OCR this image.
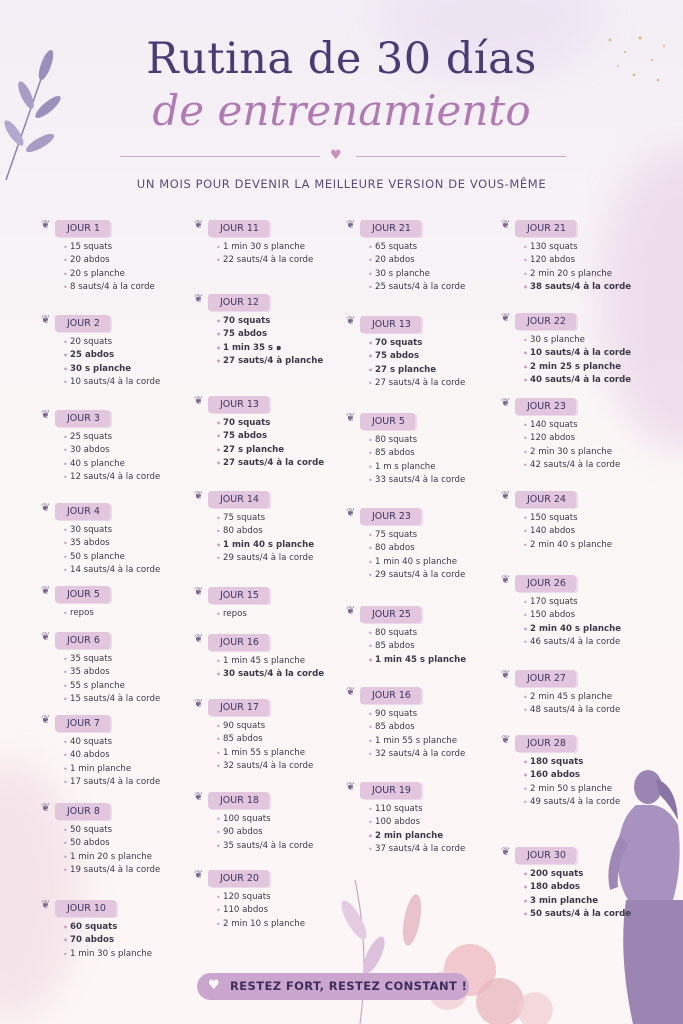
Rutina de 30 días
de entrenamiento
♥
UN MOIS POUR DEVENIR LA MEILLEURE VERSION DE VOUS-MÊME
❦ JOUR 1
• 15 squats
• 20 abdos
• 20 s planche
• 8 sauts/4 à la corde
❦ JOUR 2
• 20 squats
• 25 abdos
• 30 s planche
• 10 sauts/4 à la corde
❦ JOUR 3
• 25 squats
• 30 abdos
• 40 s planche
• 12 sauts/4 à la corde
❦ JOUR 4
• 30 squats
• 35 abdos
• 50 s planche
• 14 sauts/4 à la corde
❦ JOUR 5
• repos
❦ JOUR 6
• 35 squats
• 35 abdos
• 55 s planche
• 15 sauts/4 à la corde
❦ JOUR 7
• 40 squats
• 40 abdos
• 1 min planche
• 17 sauts/4 à la corde
❦ JOUR 8
• 50 squats
• 50 abdos
• 1 min 20 s planche
• 19 sauts/4 à la corde
❦ JOUR 10
• 60 squats
• 70 abdos
• 1 min 30 s planche
❦ JOUR 11
• 1 min 30 s planche
• 22 sauts/4 à la corde
❦ JOUR 12
• 70 squats
• 75 abdos
• 1 min 35 s ๑
• 27 sauts/4 à planche
❦ JOUR 13
• 70 squats
• 75 abdos
• 27 s planche
• 27 sauts/4 à la corde
❦ JOUR 14
• 75 squats
• 80 abdos
• 1 min 40 s planche
• 29 sauts/4 à la corde
❦ JOUR 15
• repos
❦ JOUR 16
• 1 min 45 s planche
• 30 sauts/4 à la corde
❦ JOUR 17
• 90 squats
• 85 abdos
• 1 min 55 s planche
• 32 sauts/4 à la corde
❦ JOUR 18
• 100 squats
• 90 abdos
• 35 sauts/4 à la corde
❦ JOUR 20
• 120 squats
• 110 abdos
• 2 min 10 s planche
❦ JOUR 21
• 65 squats
• 20 abdos
• 30 s planche
• 25 sauts/4 à la corde
❦ JOUR 13
• 70 squats
• 75 abdos
• 27 s planche
• 27 sauts/4 à la corde
❦ JOUR 5
• 80 squats
• 85 abdos
• 1 m s planche
• 33 sauts/4 à la corde
❦ JOUR 23
• 75 squats
• 80 abdos
• 1 min 40 s planche
• 29 sauts/4 à la corde
❦ JOUR 25
• 80 squats
• 85 abdos
• 1 min 45 s planche
❦ JOUR 16
• 90 squats
• 85 abdos
• 1 min 55 s planche
• 32 sauts/4 à la corde
❦ JOUR 19
• 110 squats
• 100 abdos
• 2 min planche
• 37 sauts/4 à la corde
❦ JOUR 21
• 130 squats
• 120 abdos
• 2 min 20 s planche
• 38 sauts/4 à la corde
❦ JOUR 22
• 30 s planche
• 10 sauts/4 à la corde
• 2 min 25 s planche
• 40 sauts/4 à la corde
❦ JOUR 23
• 140 squats
• 120 abdos
• 2 min 30 s planche
• 42 sauts/4 à la corde
❦ JOUR 24
• 150 squats
• 140 abdos
• 2 min 40 s planche
❦ JOUR 26
• 170 squats
• 150 abdos
• 2 min 40 s planche
• 46 sauts/4 à la corde
❦ JOUR 27
• 2 min 45 s planche
• 48 sauts/4 à la corde
❦ JOUR 28
• 180 squats
• 160 abdos
• 2 min 50 s planche
• 49 sauts/4 à la corde
❦ JOUR 30
• 200 squats
• 180 abdos
• 3 min planche
• 50 sauts/4 à la corde
♥ RESTEZ FORT, RESTEZ CONSTANT !
